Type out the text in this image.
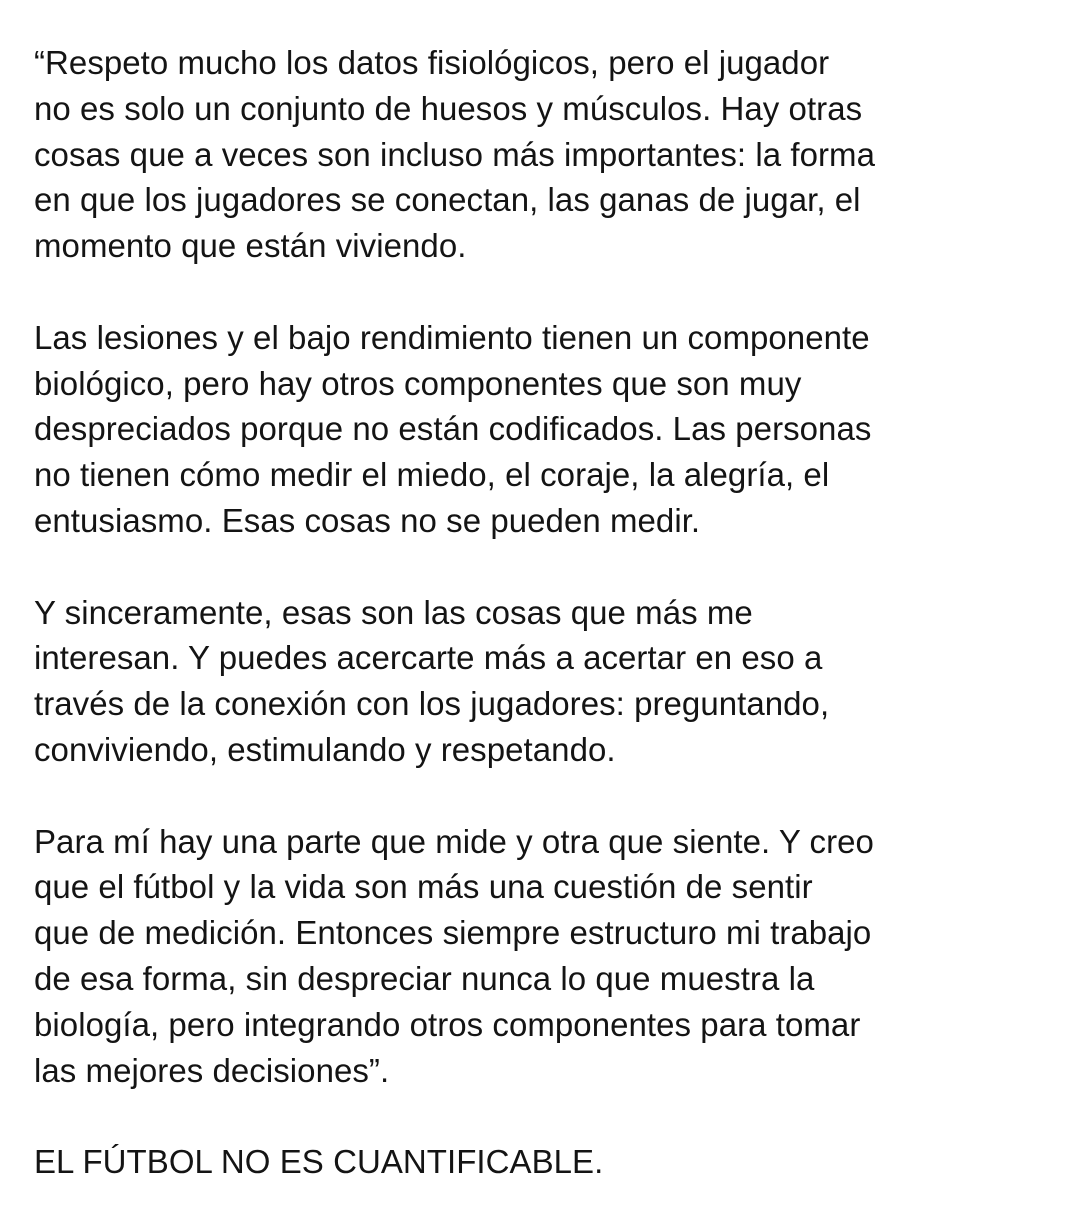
“Respeto mucho los datos fisiológicos, pero el jugador
no es solo un conjunto de huesos y músculos. Hay otras
cosas que a veces son incluso más importantes: la forma
en que los jugadores se conectan, las ganas de jugar, el
momento que están viviendo.

Las lesiones y el bajo rendimiento tienen un componente
biológico, pero hay otros componentes que son muy
despreciados porque no están codificados. Las personas
no tienen cómo medir el miedo, el coraje, la alegría, el
entusiasmo. Esas cosas no se pueden medir.

Y sinceramente, esas son las cosas que más me
interesan. Y puedes acercarte más a acertar en eso a
través de la conexión con los jugadores: preguntando,
conviviendo, estimulando y respetando.

Para mí hay una parte que mide y otra que siente. Y creo
que el fútbol y la vida son más una cuestión de sentir
que de medición. Entonces siempre estructuro mi trabajo
de esa forma, sin despreciar nunca lo que muestra la
biología, pero integrando otros componentes para tomar
las mejores decisiones”.

EL FÚTBOL NO ES CUANTIFICABLE.
